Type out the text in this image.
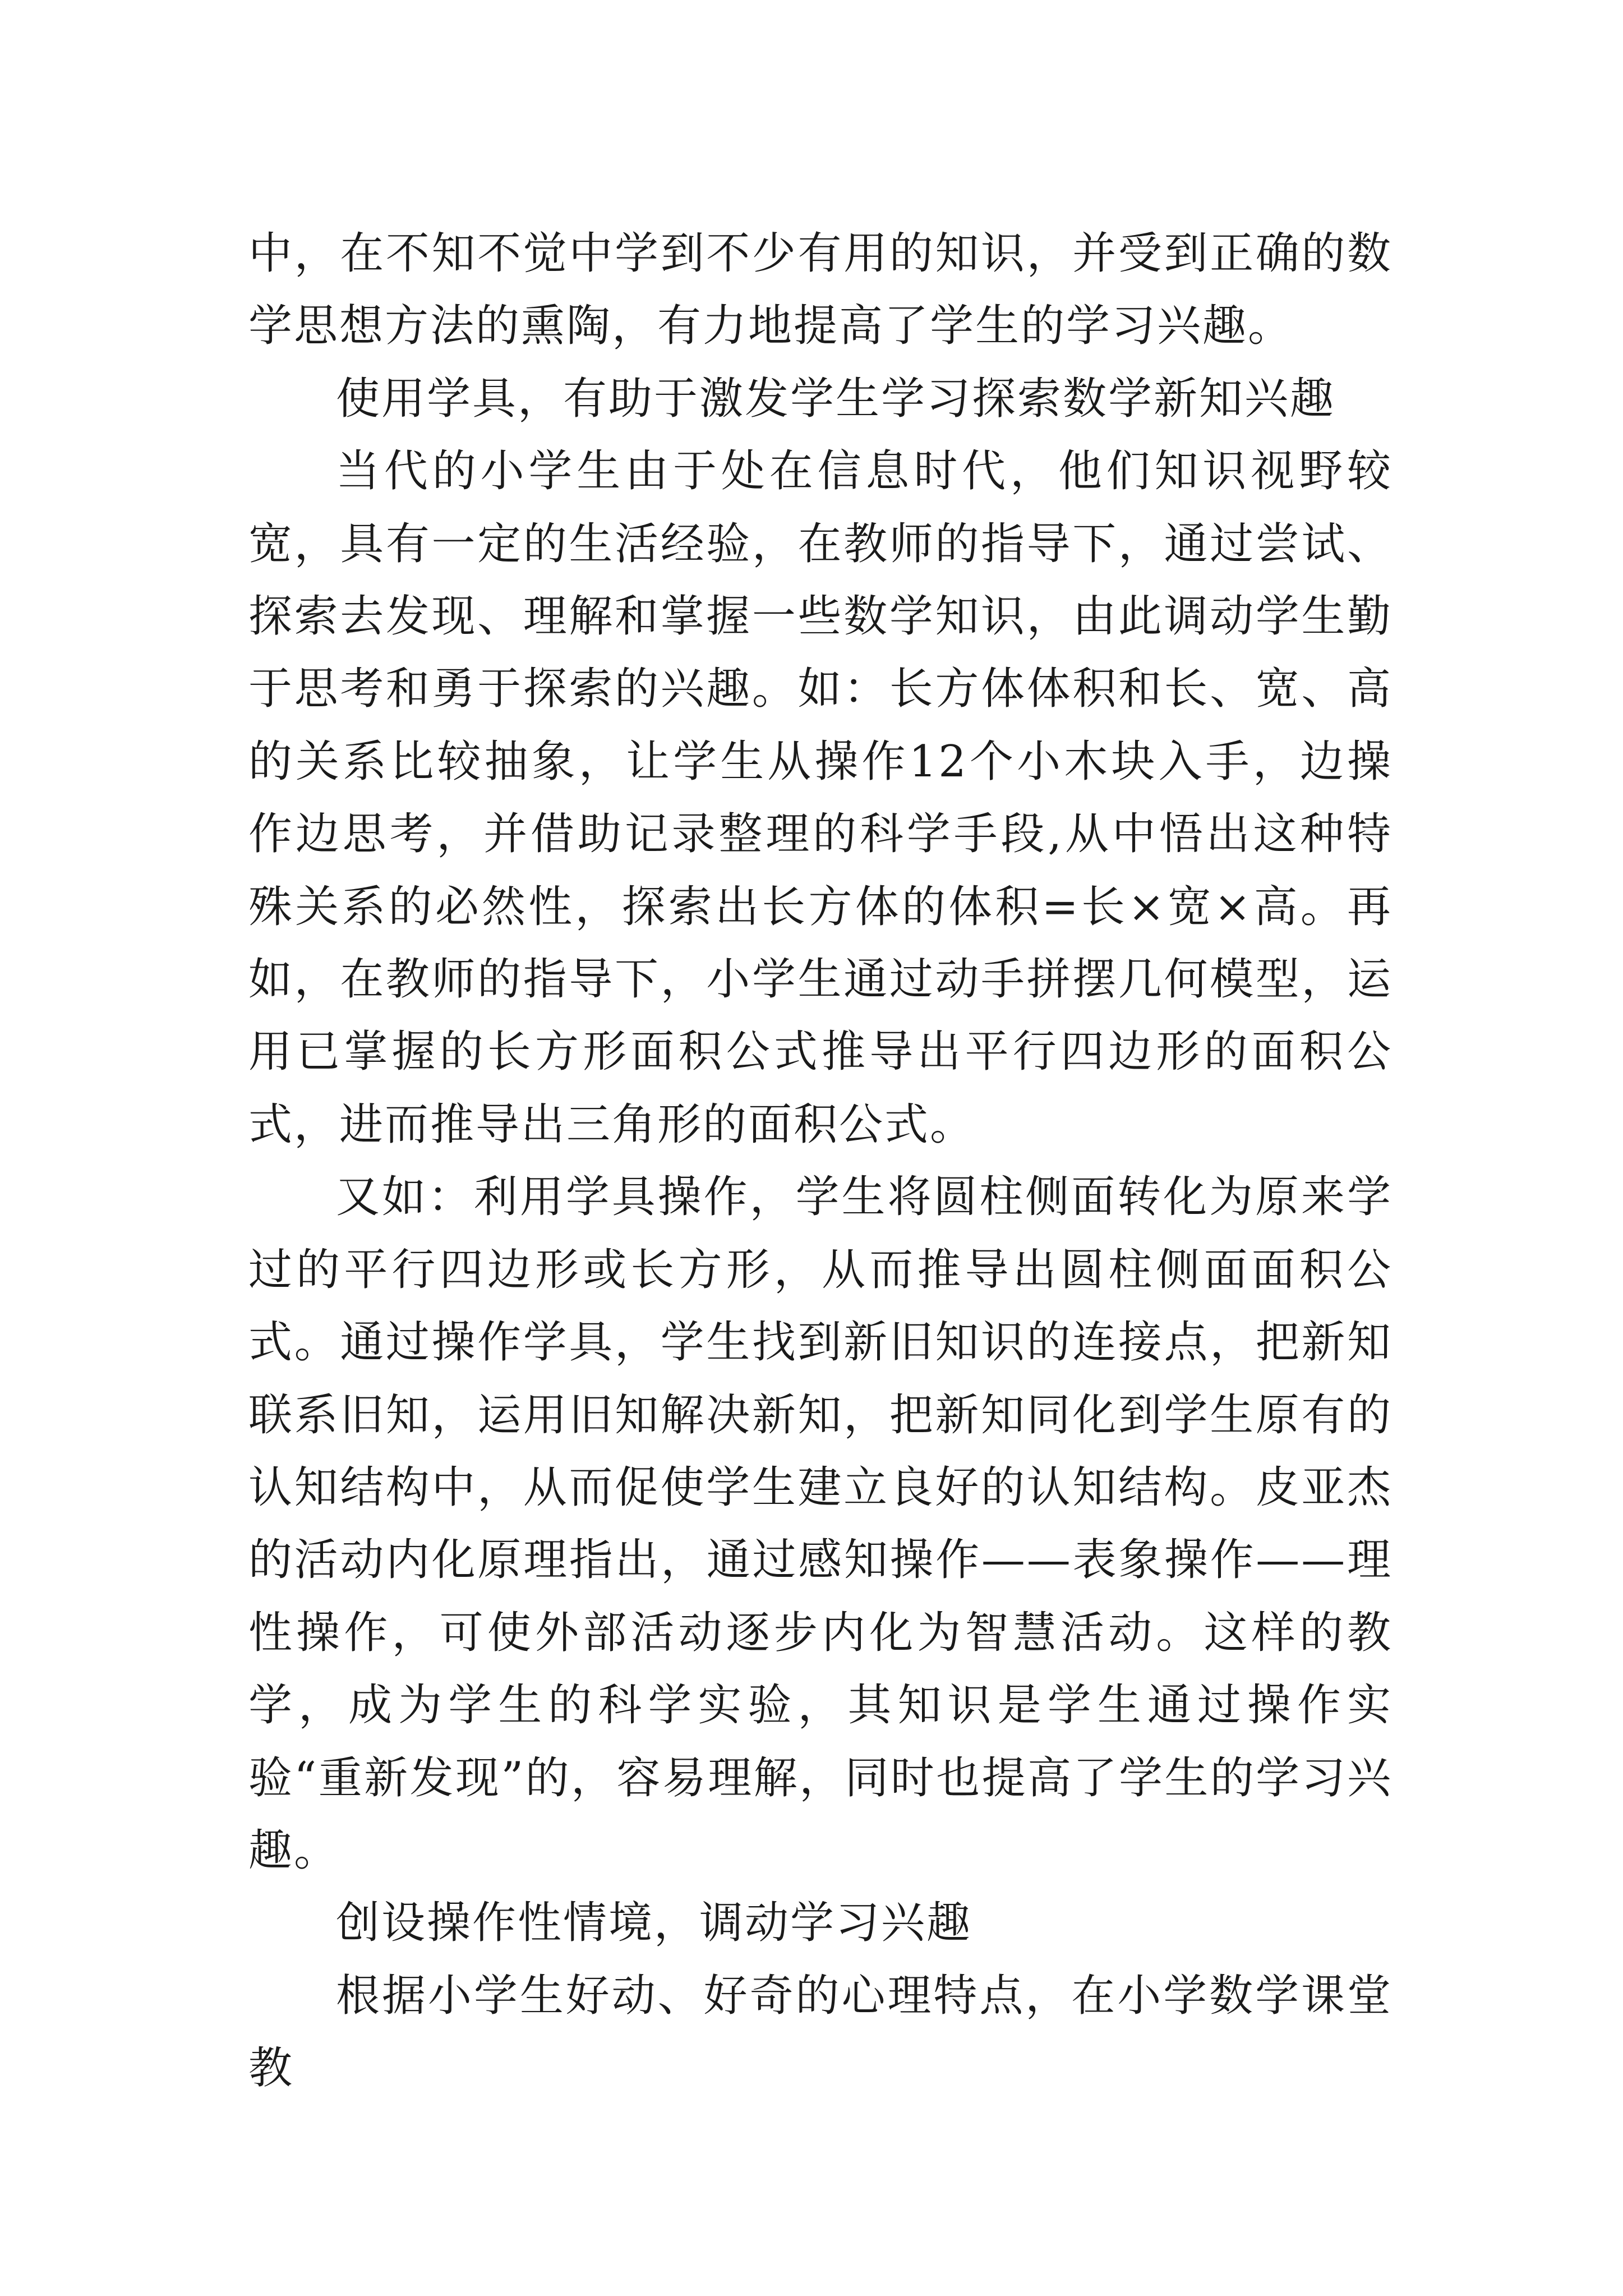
中，在不知不觉中学到不少有用的知识，并受到正确的数学思想方法的熏陶，有力地提高了学生的学习兴趣。

使用学具，有助于激发学生学习探索数学新知兴趣

当代的小学生由于处在信息时代，他们知识视野较宽，具有一定的生活经验，在教师的指导下，通过尝试、探索去发现、理解和掌握一些数学知识，由此调动学生勤于思考和勇于探索的兴趣。如：长方体体积和长、宽、高的关系比较抽象，让学生从操作12个小木块入手，边操作边思考，并借助记录整理的科学手段,从中悟出这种特殊关系的必然性，探索出长方体的体积=长×宽×高。再如，在教师的指导下，小学生通过动手拼摆几何模型，运用已掌握的长方形面积公式推导出平行四边形的面积公式，进而推导出三角形的面积公式。

又如：利用学具操作，学生将圆柱侧面转化为原来学过的平行四边形或长方形，从而推导出圆柱侧面面积公式。通过操作学具，学生找到新旧知识的连接点，把新知联系旧知，运用旧知解决新知，把新知同化到学生原有的认知结构中，从而促使学生建立良好的认知结构。皮亚杰的活动内化原理指出，通过感知操作——表象操作——理性操作，可使外部活动逐步内化为智慧活动。这样的教学，成为学生的科学实验，其知识是学生通过操作实验“重新发现”的，容易理解，同时也提高了学生的学习兴趣。

创设操作性情境，调动学习兴趣

根据小学生好动、好奇的心理特点，在小学数学课堂教
